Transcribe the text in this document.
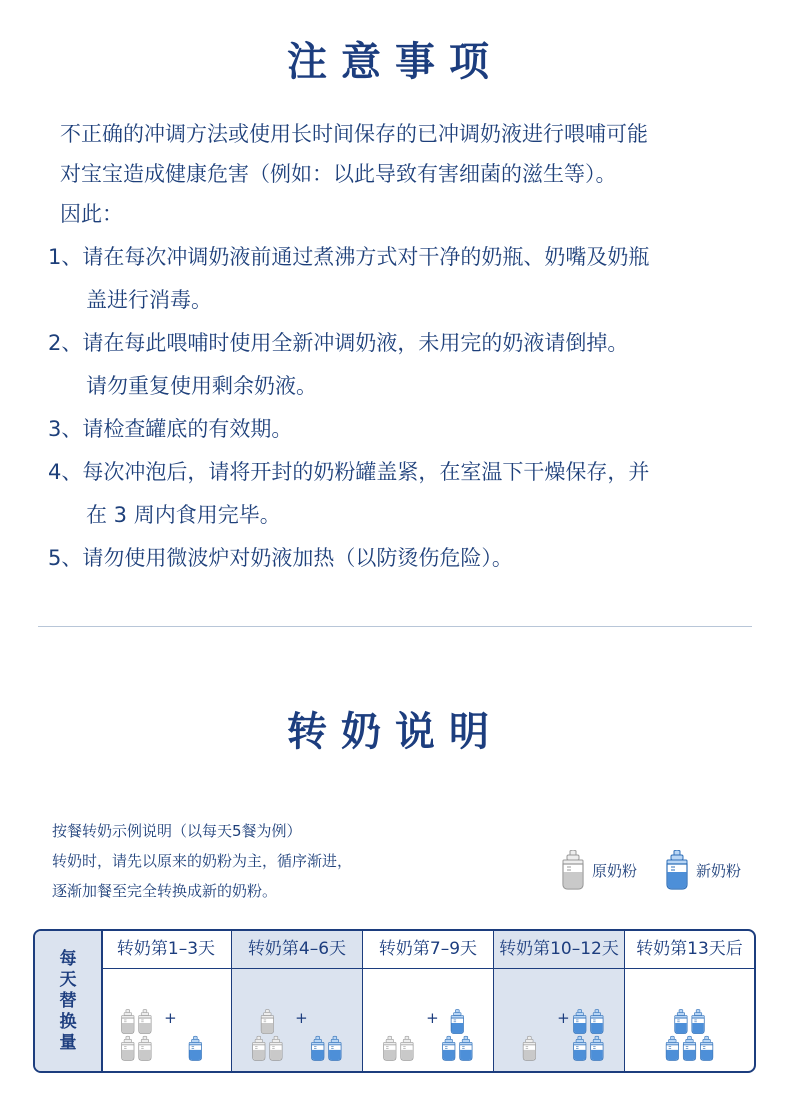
注意事项

不正确的冲调方法或使用长时间保存的已冲调奶液进行喂哺可能

对宝宝造成健康危害（例如：以此导致有害细菌的滋生等）。

因此：

1、请在每次冲调奶液前通过煮沸方式对干净的奶瓶、奶嘴及奶瓶
盖进行消毒。
2、请在每此喂哺时使用全新冲调奶液，未用完的奶液请倒掉。
请勿重复使用剩余奶液。
3、请检查罐底的有效期。
4、每次冲泡后，请将开封的奶粉罐盖紧，在室温下干燥保存，并
在 3 周内食用完毕。
5、请勿使用微波炉对奶液加热（以防烫伤危险）。
转奶说明
按餐转奶示例说明（以每天5餐为例）
转奶时，请先以原来的奶粉为主，循序渐进，
逐渐加餐至完全转换成新的奶粉。
原奶粉	新奶粉
每
天
替
换
量
转奶第1–3天
+
转奶第4–6天
+
转奶第7–9天
+
转奶第10–12天
+
转奶第13天后
